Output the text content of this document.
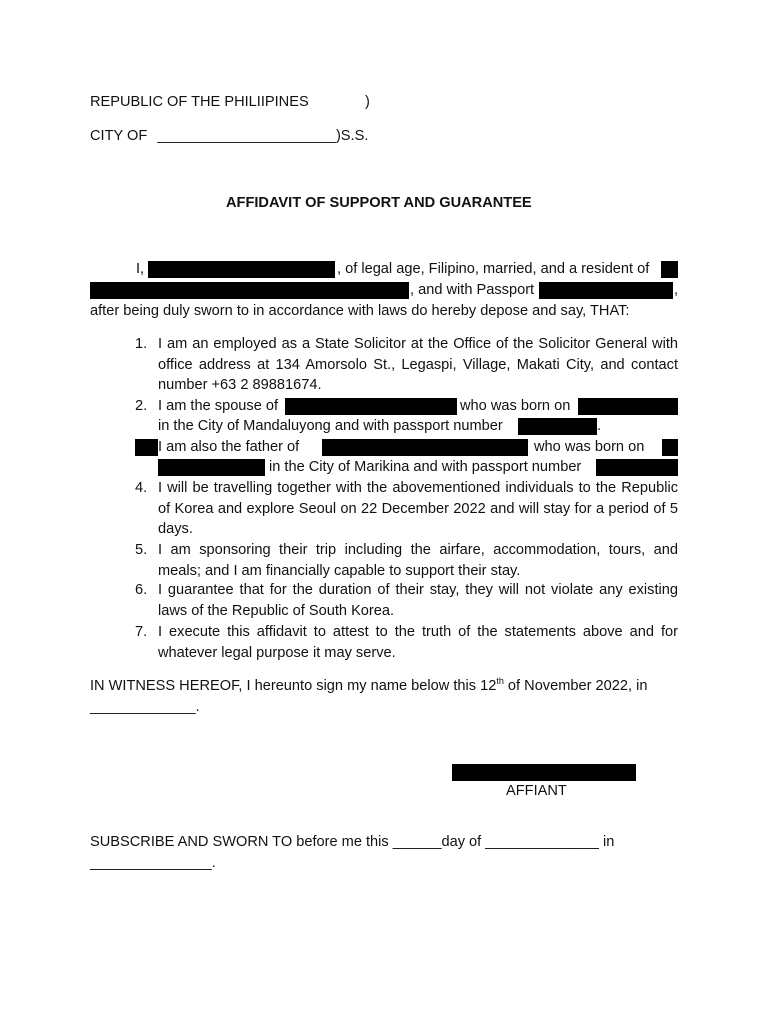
REPUBLIC OF THE PHILIIPINES	)
CITY OF ______________________)S.S.
AFFIDAVIT OF SUPPORT AND GUARANTEE
I,	, of legal age, Filipino, married, and a resident of
, and with Passport	,
after being duly sworn to in accordance with laws do hereby depose and say, THAT:
1. I am an employed as a State Solicitor at the Office of the Solicitor General with office address at 134 Amorsolo St., Legaspi, Village, Makati City, and contact number +63 2 89881674.
2. I am the spouse of	who was born on
in the City of Mandaluyong and with passport number	.
I am also the father of	who was born on
in the City of Marikina and with passport number
4. I will be travelling together with the abovementioned individuals to the Republic of Korea and explore Seoul on 22 December 2022 and will stay for a period of 5 days.
5. I am sponsoring their trip including the airfare, accommodation, tours, and meals; and I am financially capable to support their stay.
6. I guarantee that for the duration of their stay, they will not violate any existing laws of the Republic of South Korea.
7. I execute this affidavit to attest to the truth of the statements above and for whatever legal purpose it may serve.
IN WITNESS HEREOF, I hereunto sign my name below this 12th of November 2022, in
_____________.
AFFIANT
SUBSCRIBE AND SWORN TO before me this ______day of ______________ in
_______________.
